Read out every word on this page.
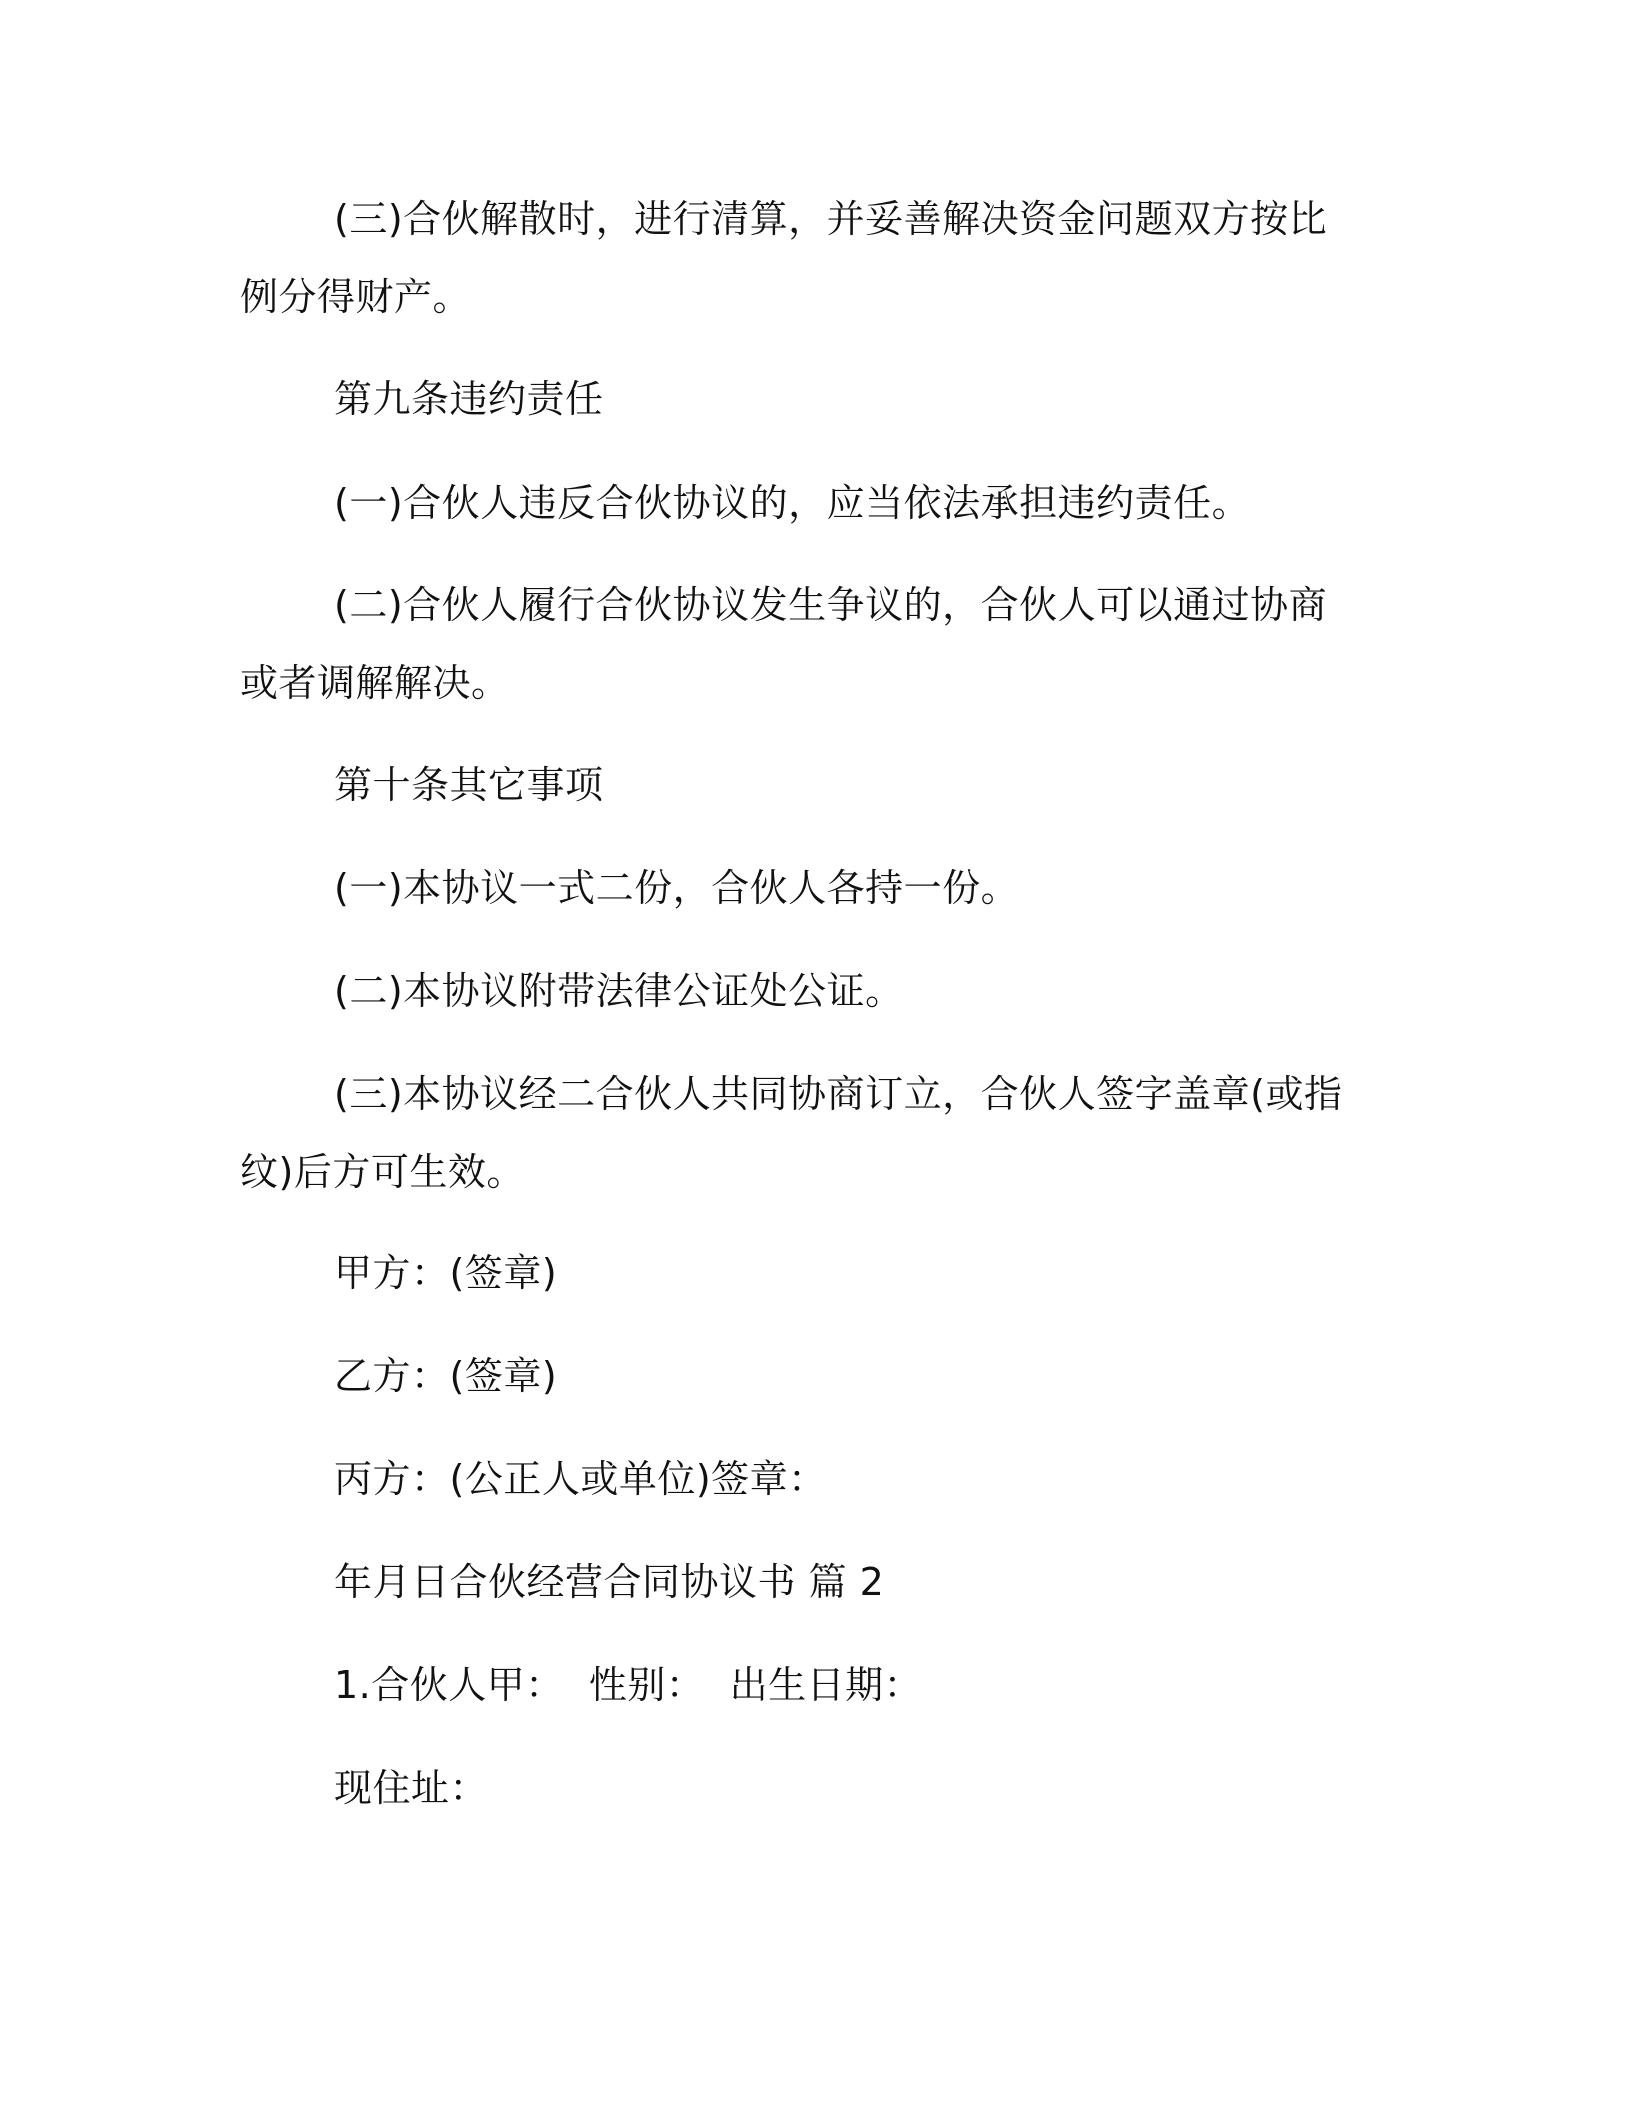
(三)合伙解散时，进行清算，并妥善解决资金问题双方按比例分得财产。

第九条违约责任

(一)合伙人违反合伙协议的，应当依法承担违约责任。

(二)合伙人履行合伙协议发生争议的，合伙人可以通过协商或者调解解决。

第十条其它事项

(一)本协议一式二份，合伙人各持一份。

(二)本协议附带法律公证处公证。

(三)本协议经二合伙人共同协商订立，合伙人签字盖章(或指纹)后方可生效。

甲方：(签章)

乙方：(签章)

丙方：(公正人或单位)签章：

年月日合伙经营合同协议书 篇 2

1.合伙人甲：  性别：  出生日期：

现住址：
